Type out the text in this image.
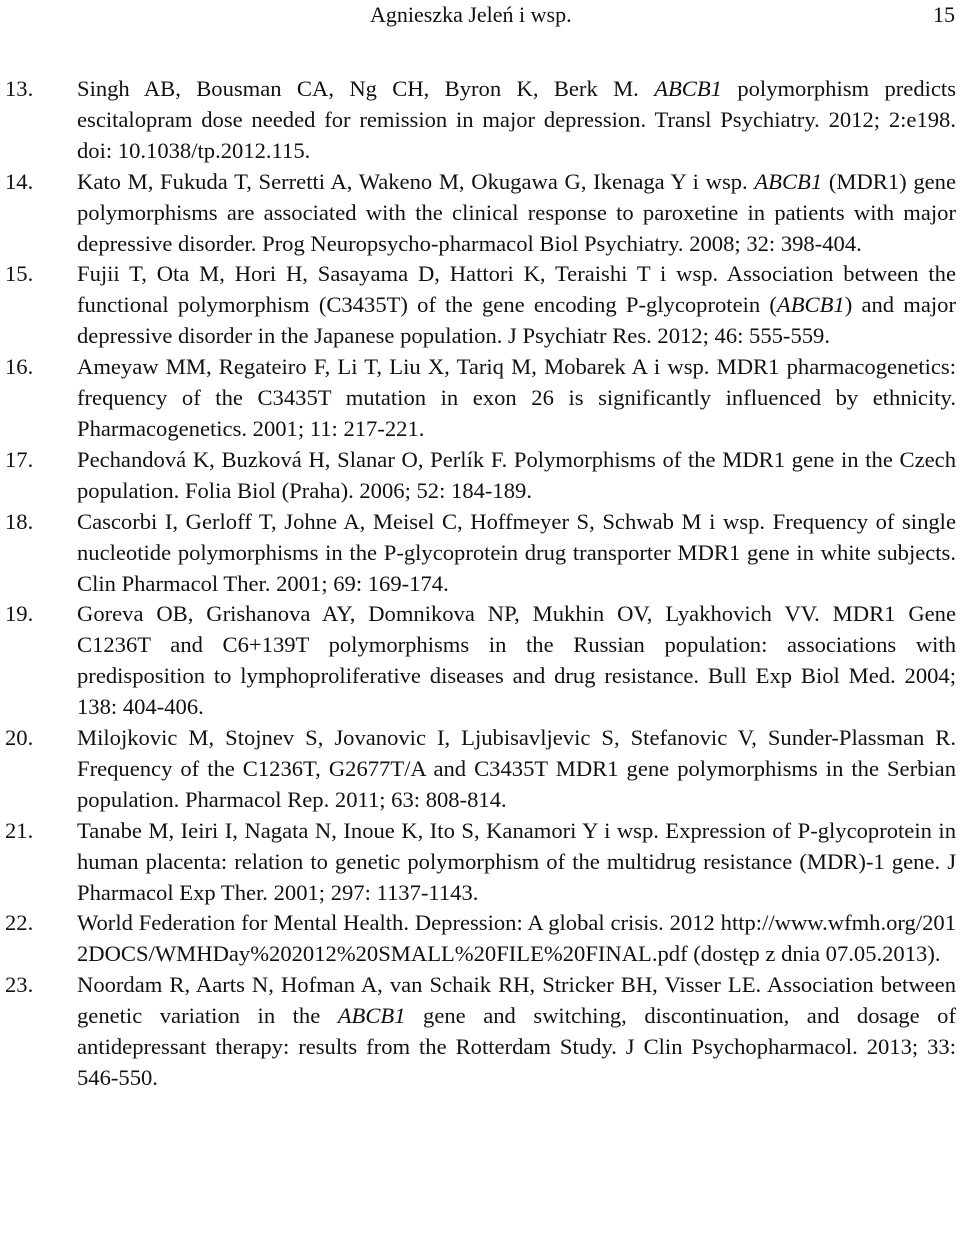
Agnieszka Jeleń i wsp.	15
13. Singh AB, Bousman CA, Ng CH, Byron K, Berk M. ABCB1 polymorphism predicts escitalopram dose needed for remission in major depression. Transl Psychiatry. 2012; 2:e198. doi: 10.1038/tp.2012.115.
14. Kato M, Fukuda T, Serretti A, Wakeno M, Okugawa G, Ikenaga Y i wsp. ABCB1 (MDR1) gene polymorphisms are associated with the clinical response to paroxetine in patients with major depressive disorder. Prog Neuropsycho-pharmacol Biol Psychiatry. 2008; 32: 398-404.
15. Fujii T, Ota M, Hori H, Sasayama D, Hattori K, Teraishi T i wsp. Association between the functional polymorphism (C3435T) of the gene encoding P-glycoprotein (ABCB1) and major depressive disorder in the Japanese population. J Psychiatr Res. 2012; 46: 555-559.
16. Ameyaw MM, Regateiro F, Li T, Liu X, Tariq M, Mobarek A i wsp. MDR1 pharmacogenetics: frequency of the C3435T mutation in exon 26 is significantly influenced by ethnicity. Pharmacogenetics. 2001; 11: 217-221.
17. Pechandová K, Buzková H, Slanar O, Perlík F. Polymorphisms of the MDR1 gene in the Czech population. Folia Biol (Praha). 2006; 52: 184-189.
18. Cascorbi I, Gerloff T, Johne A, Meisel C, Hoffmeyer S, Schwab M i wsp. Frequency of single nucleotide polymorphisms in the P-glycoprotein drug transporter MDR1 gene in white subjects. Clin Pharmacol Ther. 2001; 69: 169-174.
19. Goreva OB, Grishanova AY, Domnikova NP, Mukhin OV, Lyakhovich VV. MDR1 Gene C1236T and C6+139T polymorphisms in the Russian population: associations with predisposition to lymphoproliferative diseases and drug resistance. Bull Exp Biol Med. 2004; 138: 404-406.
20. Milojkovic M, Stojnev S, Jovanovic I, Ljubisavljevic S, Stefanovic V, Sunder-Plassman R. Frequency of the C1236T, G2677T/A and C3435T MDR1 gene polymorphisms in the Serbian population. Pharmacol Rep. 2011; 63: 808-814.
21. Tanabe M, Ieiri I, Nagata N, Inoue K, Ito S, Kanamori Y i wsp. Expression of P-glycoprotein in human placenta: relation to genetic polymorphism of the multidrug resistance (MDR)-1 gene. J Pharmacol Exp Ther. 2001; 297: 1137-1143.
22. World Federation for Mental Health. Depression: A global crisis. 2012 http://www.wfmh.org/2012DOCS/WMHDay%202012%20SMALL%20FILE%20FINAL.pdf (dostęp z dnia 07.05.2013).
23. Noordam R, Aarts N, Hofman A, van Schaik RH, Stricker BH, Visser LE. Association between genetic variation in the ABCB1 gene and switching, discontinuation, and dosage of antidepressant therapy: results from the Rotterdam Study. J Clin Psychopharmacol. 2013; 33: 546-550.
